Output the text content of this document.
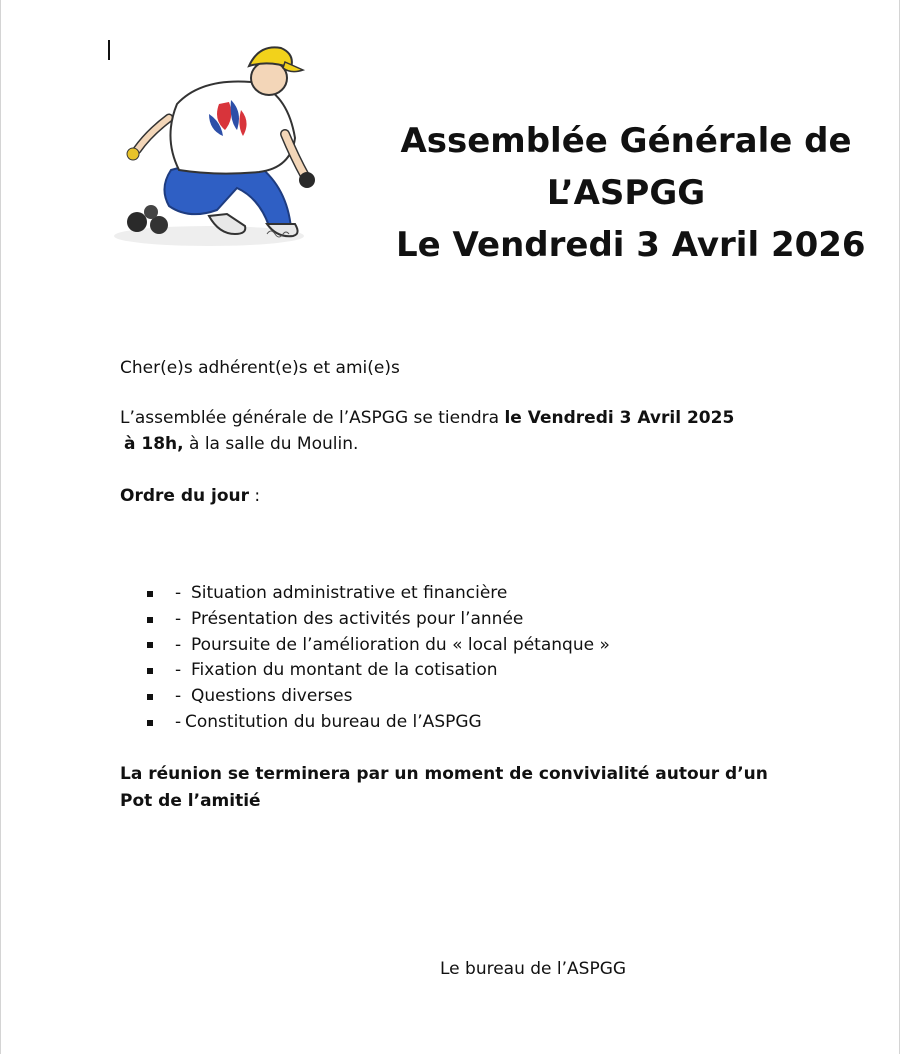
Assemblée Générale de
L’ASPGG
Le Vendredi 3 Avril 2026
Cher(e)s adhérent(e)s et ami(e)s
L’assemblée générale de l’ASPGG se tiendra le Vendredi 3 Avril 2025
à 18h, à la salle du Moulin.
Ordre du jour :
- Situation administrative et financière
- Présentation des activités pour l’année
- Poursuite de l’amélioration du « local pétanque »
- Fixation du montant de la cotisation
- Questions diverses
- Constitution du bureau de l’ASPGG
La réunion se terminera par un moment de convivialité autour d’un Pot de l’amitié
Le bureau de l’ASPGG
